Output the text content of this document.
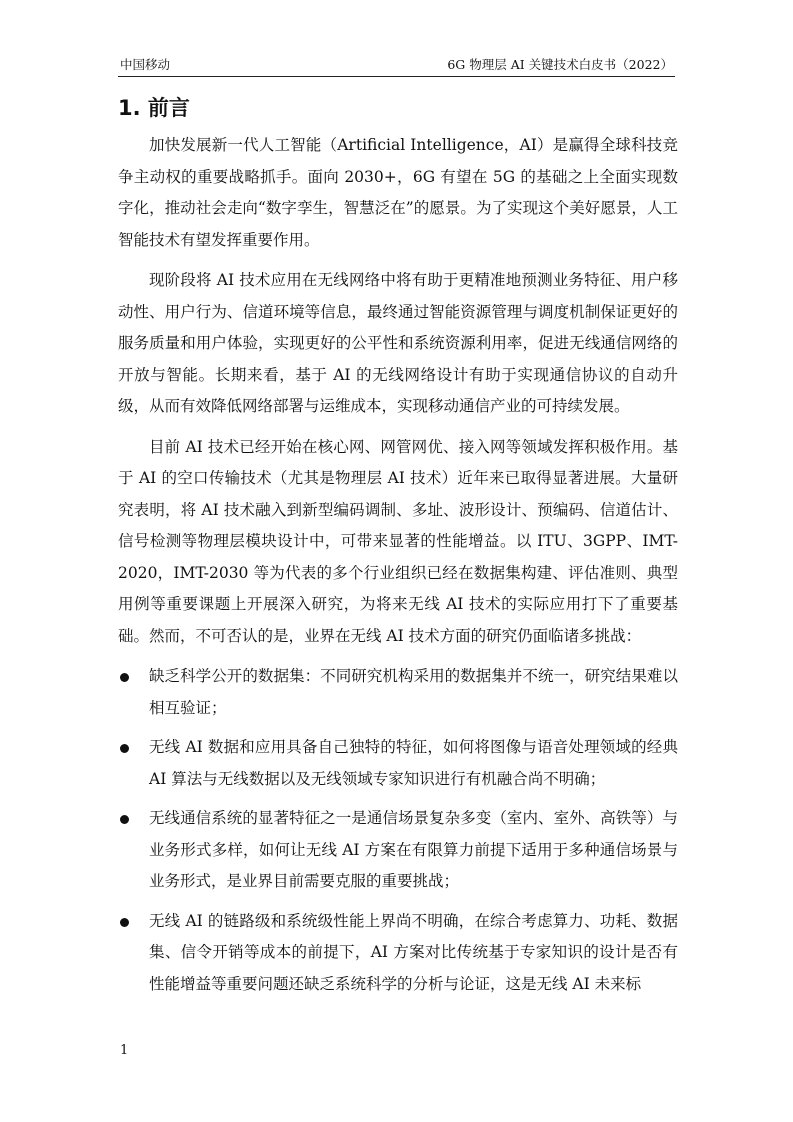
中国移动	6G 物理层 AI 关键技术白皮书（2022）
1. 前言

加快发展新一代人工智能（Artificial Intelligence，AI）是赢得全球科技竞争主动权的重要战略抓手。面向 2030+，6G 有望在 5G 的基础之上全面实现数字化，推动社会走向“数字孪生，智慧泛在”的愿景。为了实现这个美好愿景，人工智能技术有望发挥重要作用。

现阶段将 AI 技术应用在无线网络中将有助于更精准地预测业务特征、用户移动性、用户行为、信道环境等信息，最终通过智能资源管理与调度机制保证更好的服务质量和用户体验，实现更好的公平性和系统资源利用率，促进无线通信网络的开放与智能。长期来看，基于 AI 的无线网络设计有助于实现通信协议的自动升级，从而有效降低网络部署与运维成本，实现移动通信产业的可持续发展。

目前 AI 技术已经开始在核心网、网管网优、接入网等领域发挥积极作用。基于 AI 的空口传输技术（尤其是物理层 AI 技术）近年来已取得显著进展。大量研究表明，将 AI 技术融入到新型编码调制、多址、波形设计、预编码、信道估计、信号检测等物理层模块设计中，可带来显著的性能增益。以 ITU、3GPP、IMT-2020，IMT-2030 等为代表的多个行业组织已经在数据集构建、评估准则、典型用例等重要课题上开展深入研究，为将来无线 AI 技术的实际应用打下了重要基础。然而，不可否认的是，业界在无线 AI 技术方面的研究仍面临诸多挑战：

缺乏科学公开的数据集：不同研究机构采用的数据集并不统一，研究结果难以相互验证；
无线 AI 数据和应用具备自己独特的特征，如何将图像与语音处理领域的经典 AI 算法与无线数据以及无线领域专家知识进行有机融合尚不明确；
无线通信系统的显著特征之一是通信场景复杂多变（室内、室外、高铁等）与业务形式多样，如何让无线 AI 方案在有限算力前提下适用于多种通信场景与业务形式，是业界目前需要克服的重要挑战；
无线 AI 的链路级和系统级性能上界尚不明确，在综合考虑算力、功耗、数据集、信令开销等成本的前提下，AI 方案对比传统基于专家知识的设计是否有性能增益等重要问题还缺乏系统科学的分析与论证，这是无线 AI 未来标
1
